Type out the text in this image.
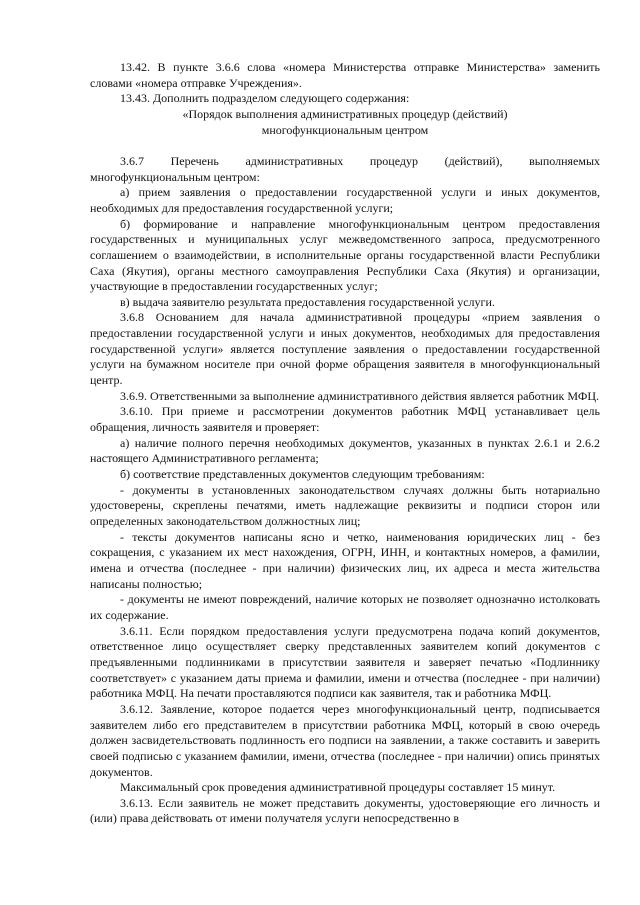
13.42. В пункте 3.6.6 слова «номера Министерства отправке Министерства» заменить словами «номера отправке Учреждения».

13.43. Дополнить подразделом следующего содержания:

«Порядок выполнения административных процедур (действий)

многофункциональным центром

3.6.7 Перечень административных процедур (действий), выполняемых многофункциональным центром:

а) прием заявления о предоставлении государственной услуги и иных документов, необходимых для предоставления государственной услуги;

б) формирование и направление многофункциональным центром предоставления государственных и муниципальных услуг межведомственного запроса, предусмотренного соглашением о взаимодействии, в исполнительные органы государственной власти Республики Саха (Якутия), органы местного самоуправления Республики Саха (Якутия) и организации, участвующие в предоставлении государственных услуг;

в) выдача заявителю результата предоставления государственной услуги.

3.6.8 Основанием для начала административной процедуры «прием заявления о предоставлении государственной услуги и иных документов, необходимых для предоставления государственной услуги» является поступление заявления о предоставлении государственной услуги на бумажном носителе при очной форме обращения заявителя в многофункциональный центр.

3.6.9. Ответственными за выполнение административного действия является работник МФЦ.

3.6.10. При приеме и рассмотрении документов работник МФЦ устанавливает цель обращения, личность заявителя и проверяет:

а) наличие полного перечня необходимых документов, указанных в пунктах 2.6.1 и 2.6.2 настоящего Административного регламента;

б) соответствие представленных документов следующим требованиям:

- документы в установленных законодательством случаях должны быть нотариально удостоверены, скреплены печатями, иметь надлежащие реквизиты и подписи сторон или определенных законодательством должностных лиц;

- тексты документов написаны ясно и четко, наименования юридических лиц - без сокращения, с указанием их мест нахождения, ОГРН, ИНН, и контактных номеров, а фамилии, имена и отчества (последнее - при наличии) физических лиц, их адреса и места жительства написаны полностью;

- документы не имеют повреждений, наличие которых не позволяет однозначно истолковать их содержание.

3.6.11. Если порядком предоставления услуги предусмотрена подача копий документов, ответственное лицо осуществляет сверку представленных заявителем копий документов с предъявленными подлинниками в присутствии заявителя и заверяет печатью «Подлиннику соответствует» с указанием даты приема и фамилии, имени и отчества (последнее - при наличии) работника МФЦ. На печати проставляются подписи как заявителя, так и работника МФЦ.

3.6.12. Заявление, которое подается через многофункциональный центр, подписывается заявителем либо его представителем в присутствии работника МФЦ, который в свою очередь должен засвидетельствовать подлинность его подписи на заявлении, а также составить и заверить своей подписью с указанием фамилии, имени, отчества (последнее - при наличии) опись принятых документов.

Максимальный срок проведения административной процедуры составляет 15 минут.

3.6.13. Если заявитель не может представить документы, удостоверяющие его личность и (или) права действовать от имени получателя услуги непосредственно в
